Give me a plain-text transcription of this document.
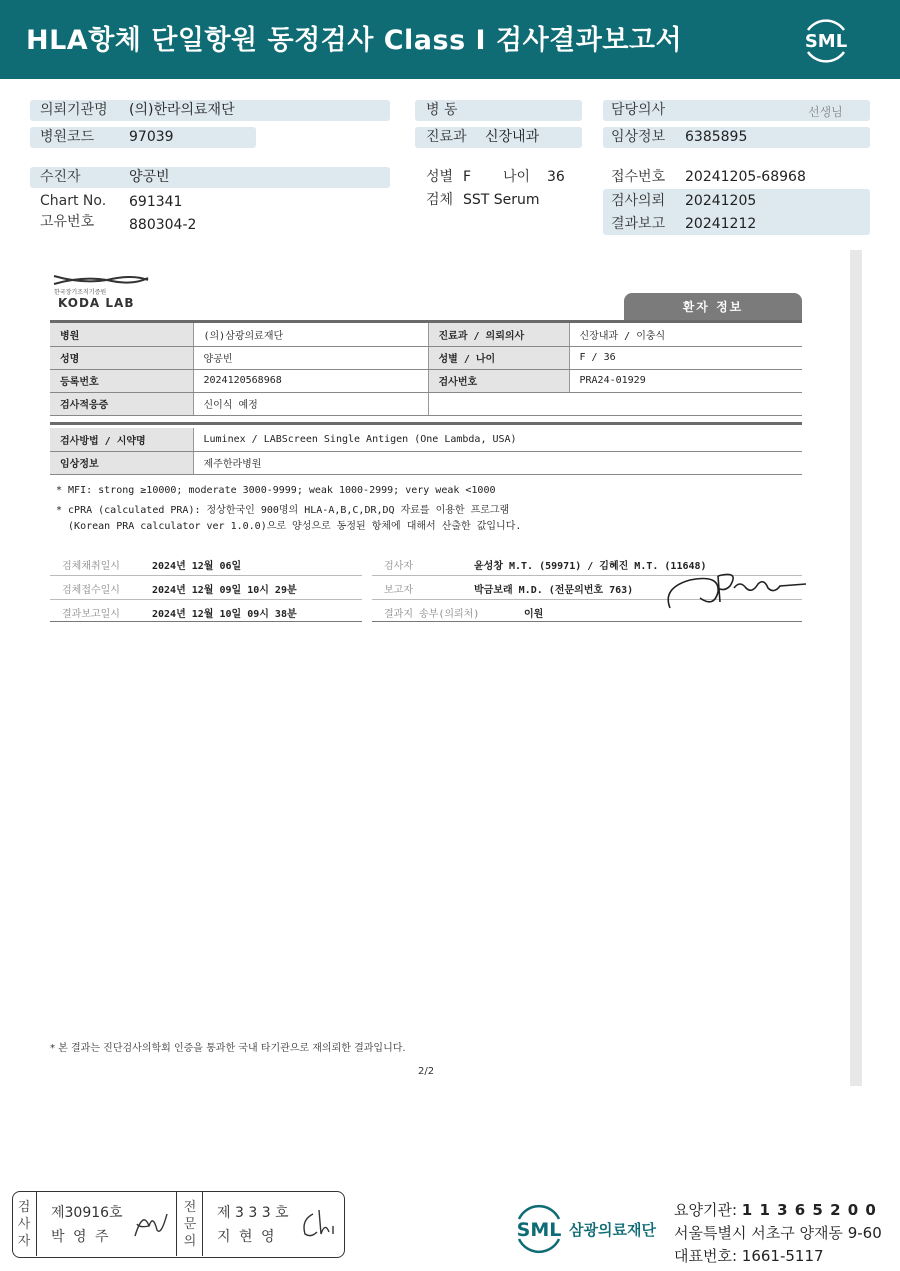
HLA항체 단일항원 동정검사 Class I 검사결과보고서	SML
의뢰기관명 (의)한라의료재단
병원코드 97039
병 동
진료과 신장내과
담당의사	선생님
임상정보 6385895
수진자	양공빈
Chart No. 691341
고유번호 880304-2
성별 F 나이 36
검체 SST Serum
접수번호 20241205-68968
검사의뢰 20241205
결과보고 20241212
한국장기조직기증원
KODA LAB	환자 정보
병원	(의)삼광의료재단	진료과 / 의뢰의사	신장내과 / 이충식
성명	양공빈	성별 / 나이	F / 36
등록번호	2024120568968	검사번호	PRA24-01929
검사적응증	신이식 예정		
검사방법 / 시약명	Luminex / LABScreen Single Antigen (One Lambda, USA)
임상정보	제주한라병원
* MFI: strong ≥10000; moderate 3000-9999; weak 1000-2999; very weak <1000
* cPRA (calculated PRA): 정상한국인 900명의 HLA-A,B,C,DR,DQ 자료를 이용한 프로그램
(Korean PRA calculator ver 1.0.0)으로 양성으로 동정된 항체에 대해서 산출한 값입니다.
검체채취일시	2024년 12월 06일
검체접수일시	2024년 12월 09일 10시 29분
결과보고일시	2024년 12월 10일 09시 38분
검사자	윤성창 M.T. (59971) / 김혜진 M.T. (11648)
보고자	박금보래 M.D. (전문의번호 763)
결과지 송부(의뢰처)	이원
* 본 결과는 진단검사의학회 인증을 통과한 국내 타기관으로 재의뢰한 결과입니다.
2/2
검
사
자
제30916호
박 영 주
전
문
의
제 3 3 3 호
지 현 영	SML 삼광의료재단
요양기관: 1 1 3 6 5 2 0 0
서울특별시 서초구 양재동 9-60
대표번호: 1661-5117
